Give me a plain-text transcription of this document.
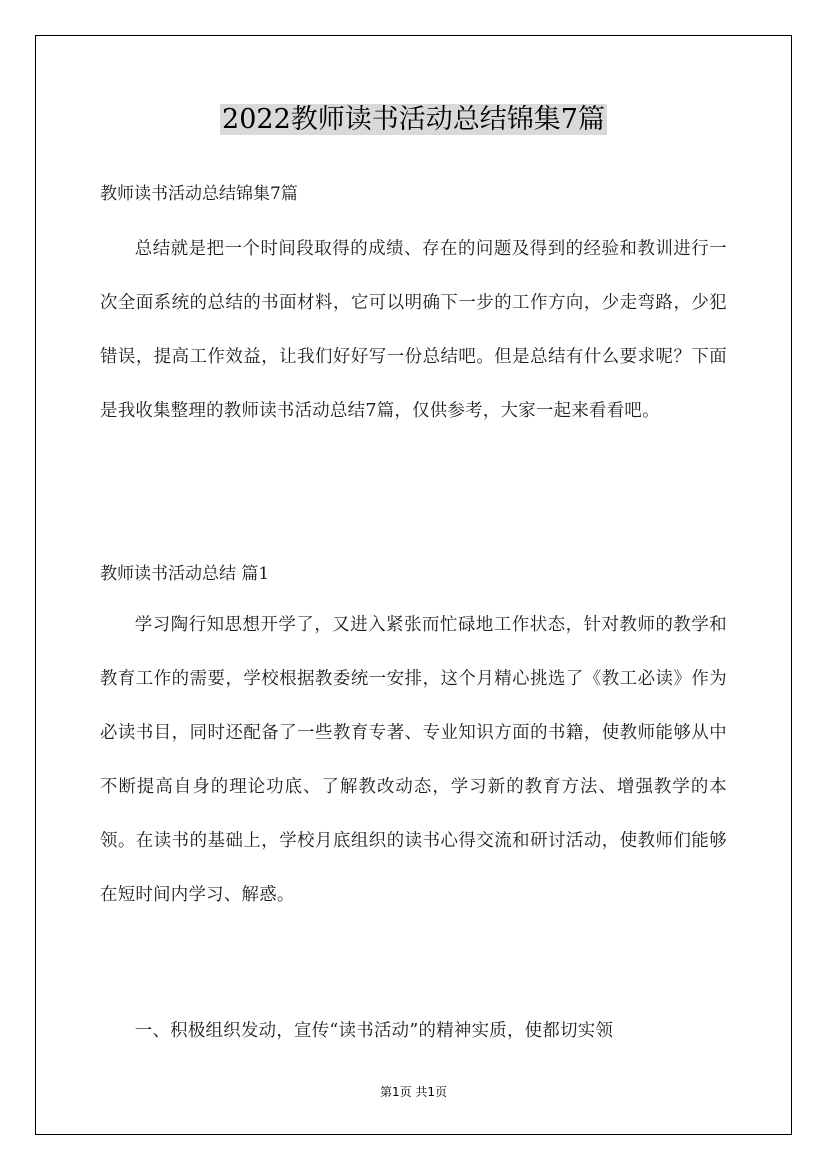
2022教师读书活动总结锦集7篇

教师读书活动总结锦集7篇

总结就是把一个时间段取得的成绩、存在的问题及得到的经验和教训进行一次全面系统的总结的书面材料，它可以明确下一步的工作方向，少走弯路，少犯错误，提高工作效益，让我们好好写一份总结吧。但是总结有什么要求呢？下面是我收集整理的教师读书活动总结7篇，仅供参考，大家一起来看看吧。

教师读书活动总结 篇1

学习陶行知思想开学了，又进入紧张而忙碌地工作状态，针对教师的教学和教育工作的需要，学校根据教委统一安排，这个月精心挑选了《教工必读》作为必读书目，同时还配备了一些教育专著、专业知识方面的书籍，使教师能够从中不断提高自身的理论功底、了解教改动态，学习新的教育方法、增强教学的本领。在读书的基础上，学校月底组织的读书心得交流和研讨活动，使教师们能够在短时间内学习、解惑。

一、积极组织发动，宣传“读书活动”的精神实质，使都切实领

第1页 共1页
